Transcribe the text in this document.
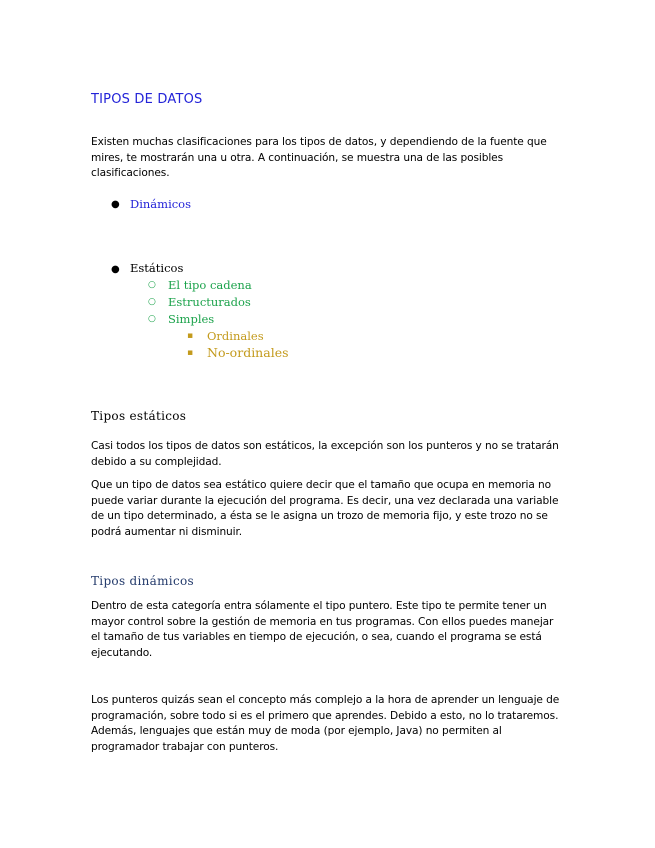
TIPOS DE DATOS
Existen muchas clasificaciones para los tipos de datos, y dependiendo de la fuente que mires, te mostrarán una u otra. A continuación, se muestra una de las posibles clasificaciones.
● Dinámicos
● Estáticos
○ El tipo cadena
○ Estructurados
○ Simples
▪ Ordinales
▪ No-ordinales
Tipos estáticos
Casi todos los tipos de datos son estáticos, la excepción son los punteros y no se tratarán debido a su complejidad.
Que un tipo de datos sea estático quiere decir que el tamaño que ocupa en memoria no puede variar durante la ejecución del programa. Es decir, una vez declarada una variable de un tipo determinado, a ésta se le asigna un trozo de memoria fijo, y este trozo no se podrá aumentar ni disminuir.
Tipos dinámicos
Dentro de esta categoría entra sólamente el tipo puntero. Este tipo te permite tener un mayor control sobre la gestión de memoria en tus programas. Con ellos puedes manejar el tamaño de tus variables en tiempo de ejecución, o sea, cuando el programa se está ejecutando.
Los punteros quizás sean el concepto más complejo a la hora de aprender un lenguaje de programación, sobre todo si es el primero que aprendes. Debido a esto, no lo trataremos. Además, lenguajes que están muy de moda (por ejemplo, Java) no permiten al programador trabajar con punteros.
